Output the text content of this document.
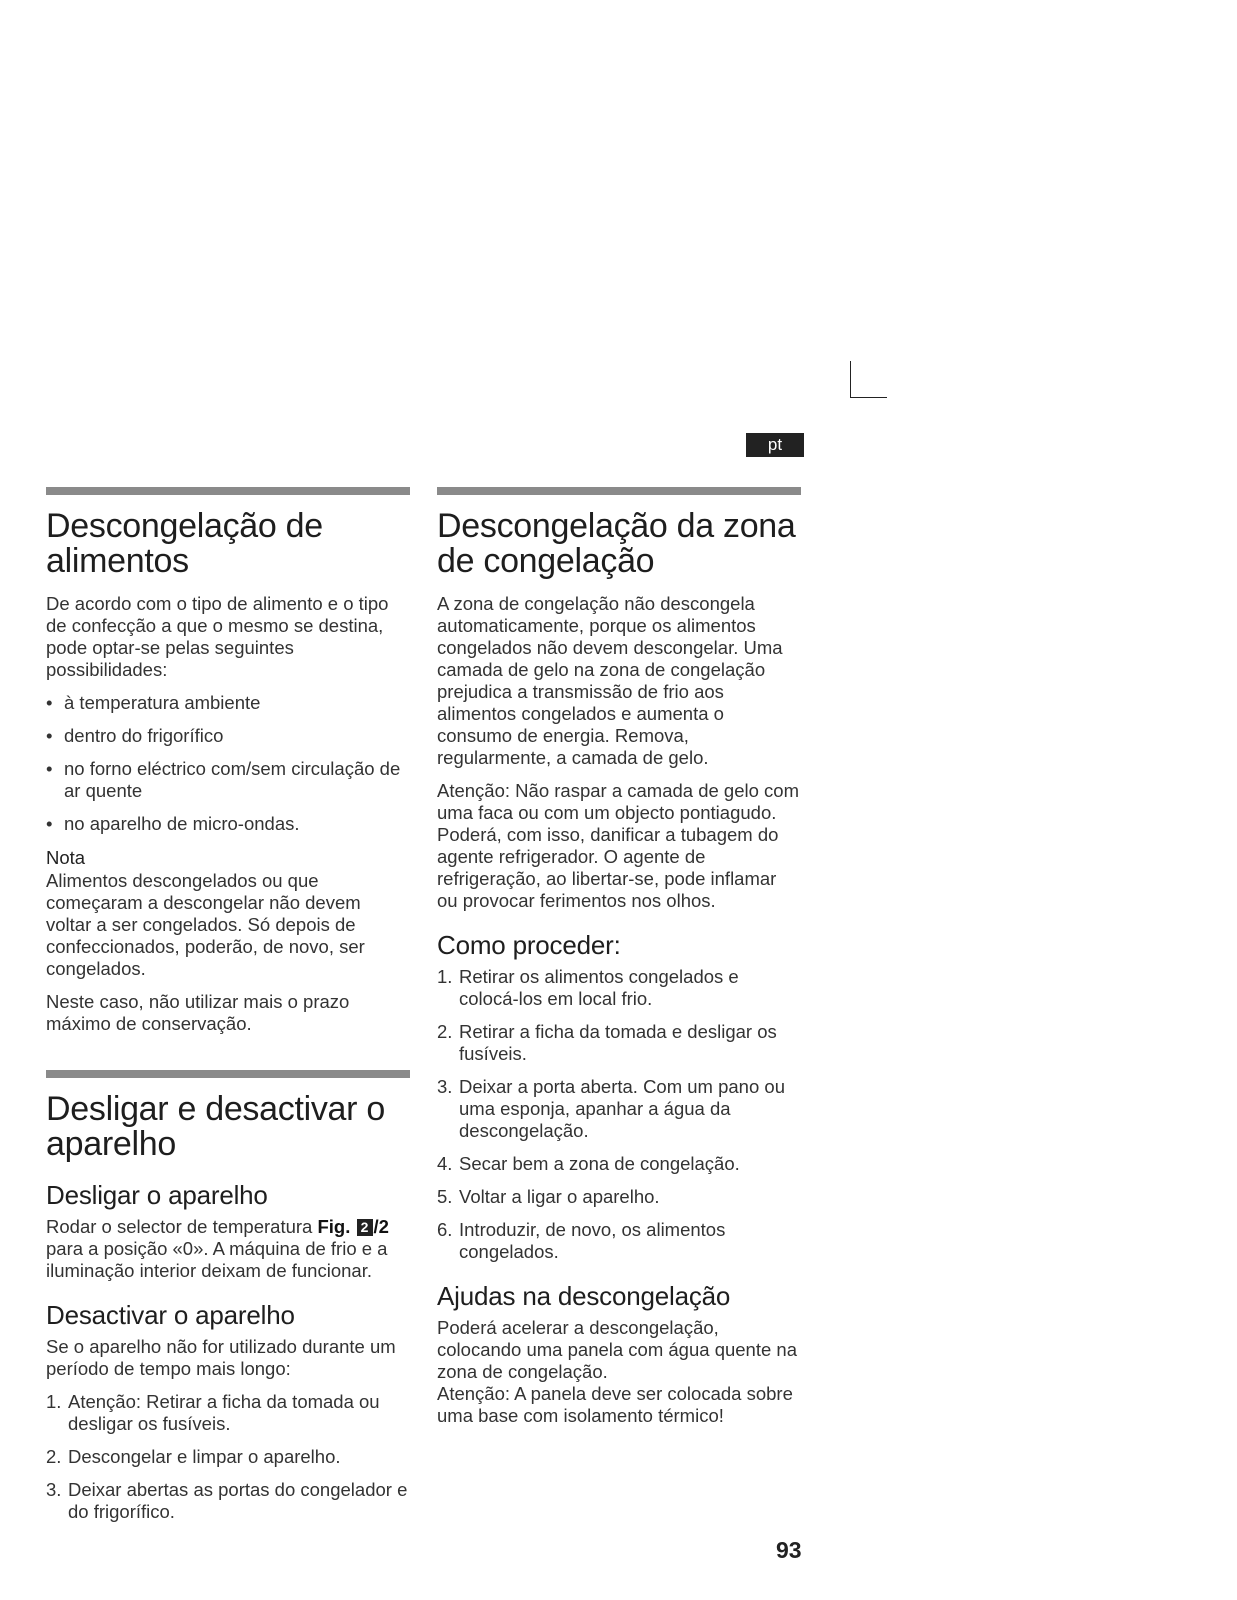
pt
Descongelação de alimentos

De acordo com o tipo de alimento e o tipo de confecção a que o mesmo se destina, pode optar-se pelas seguintes possibilidades:

• à temperatura ambiente
• dentro do frigorífico
• no forno eléctrico com/sem circulação de ar quente
• no aparelho de micro-ondas.
Nota

Alimentos descongelados ou que começaram a descongelar não devem voltar a ser congelados. Só depois de confeccionados, poderão, de novo, ser congelados.

Neste caso, não utilizar mais o prazo máximo de conservação.

Desligar e desactivar o aparelho
Desligar o aparelho

Rodar o selector de temperatura Fig. 2 /2 para a posição «0». A máquina de frio e a iluminação interior deixam de funcionar.

Desactivar o aparelho

Se o aparelho não for utilizado durante um período de tempo mais longo:

1. Atenção: Retirar a ficha da tomada ou desligar os fusíveis.
2. Descongelar e limpar o aparelho.
3. Deixar abertas as portas do congelador e do frigorífico.
Descongelação da zona de congelação

A zona de congelação não descongela automaticamente, porque os alimentos congelados não devem descongelar. Uma camada de gelo na zona de congelação prejudica a transmissão de frio aos alimentos congelados e aumenta o consumo de energia. Remova, regularmente, a camada de gelo.

Atenção: Não raspar a camada de gelo com uma faca ou com um objecto pontiagudo. Poderá, com isso, danificar a tubagem do agente refrigerador. O agente de refrigeração, ao libertar-se, pode inflamar ou provocar ferimentos nos olhos.

Como proceder:
1. Retirar os alimentos congelados e colocá-los em local frio.
2. Retirar a ficha da tomada e desligar os fusíveis.
3. Deixar a porta aberta. Com um pano ou uma esponja, apanhar a água da descongelação.
4. Secar bem a zona de congelação.
5. Voltar a ligar o aparelho.
6. Introduzir, de novo, os alimentos congelados.
Ajudas na descongelação

Poderá acelerar a descongelação, colocando uma panela com água quente na zona de congelação.

Atenção: A panela deve ser colocada sobre uma base com isolamento térmico!

93
